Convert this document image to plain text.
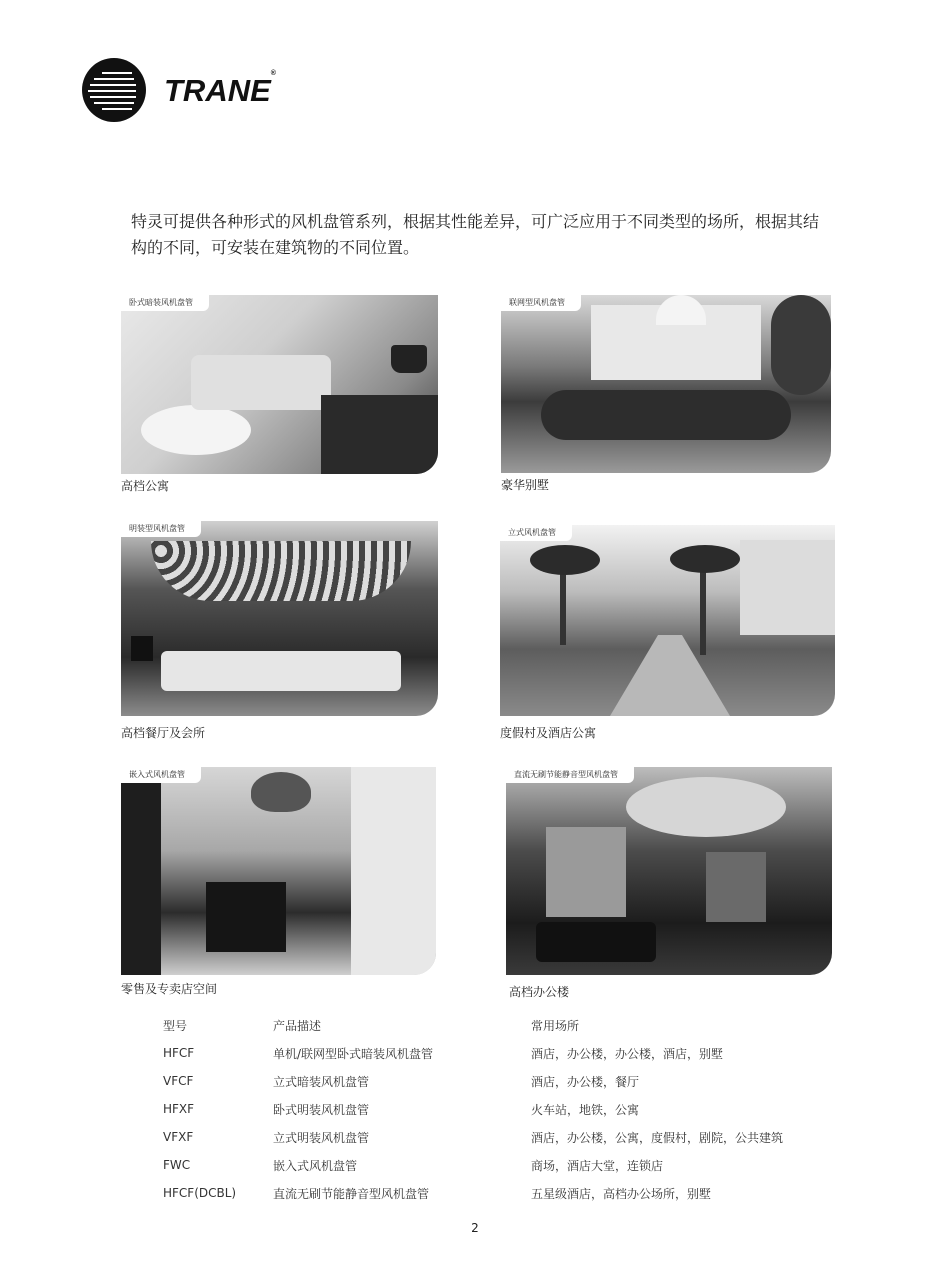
TRANE®
特灵可提供各种形式的风机盘管系列，根据其性能差异，可广泛应用于不同类型的场所，根据其结构的不同，可安装在建筑物的不同位置。
卧式暗装风机盘管
高档公寓
联网型风机盘管
豪华别墅
明装型风机盘管
高档餐厅及会所
立式风机盘管
度假村及酒店公寓
嵌入式风机盘管
零售及专卖店空间
直流无刷节能静音型风机盘管
高档办公楼
型号	产品描述	常用场所
HFCF	单机/联网型卧式暗装风机盘管	酒店，办公楼，办公楼，酒店，别墅
VFCF	立式暗装风机盘管	酒店，办公楼，餐厅
HFXF	卧式明装风机盘管	火车站，地铁，公寓
VFXF	立式明装风机盘管	酒店，办公楼，公寓，度假村，剧院，公共建筑
FWC	嵌入式风机盘管	商场，酒店大堂，连锁店
HFCF(DCBL)	直流无刷节能静音型风机盘管	五星级酒店，高档办公场所，别墅
2
